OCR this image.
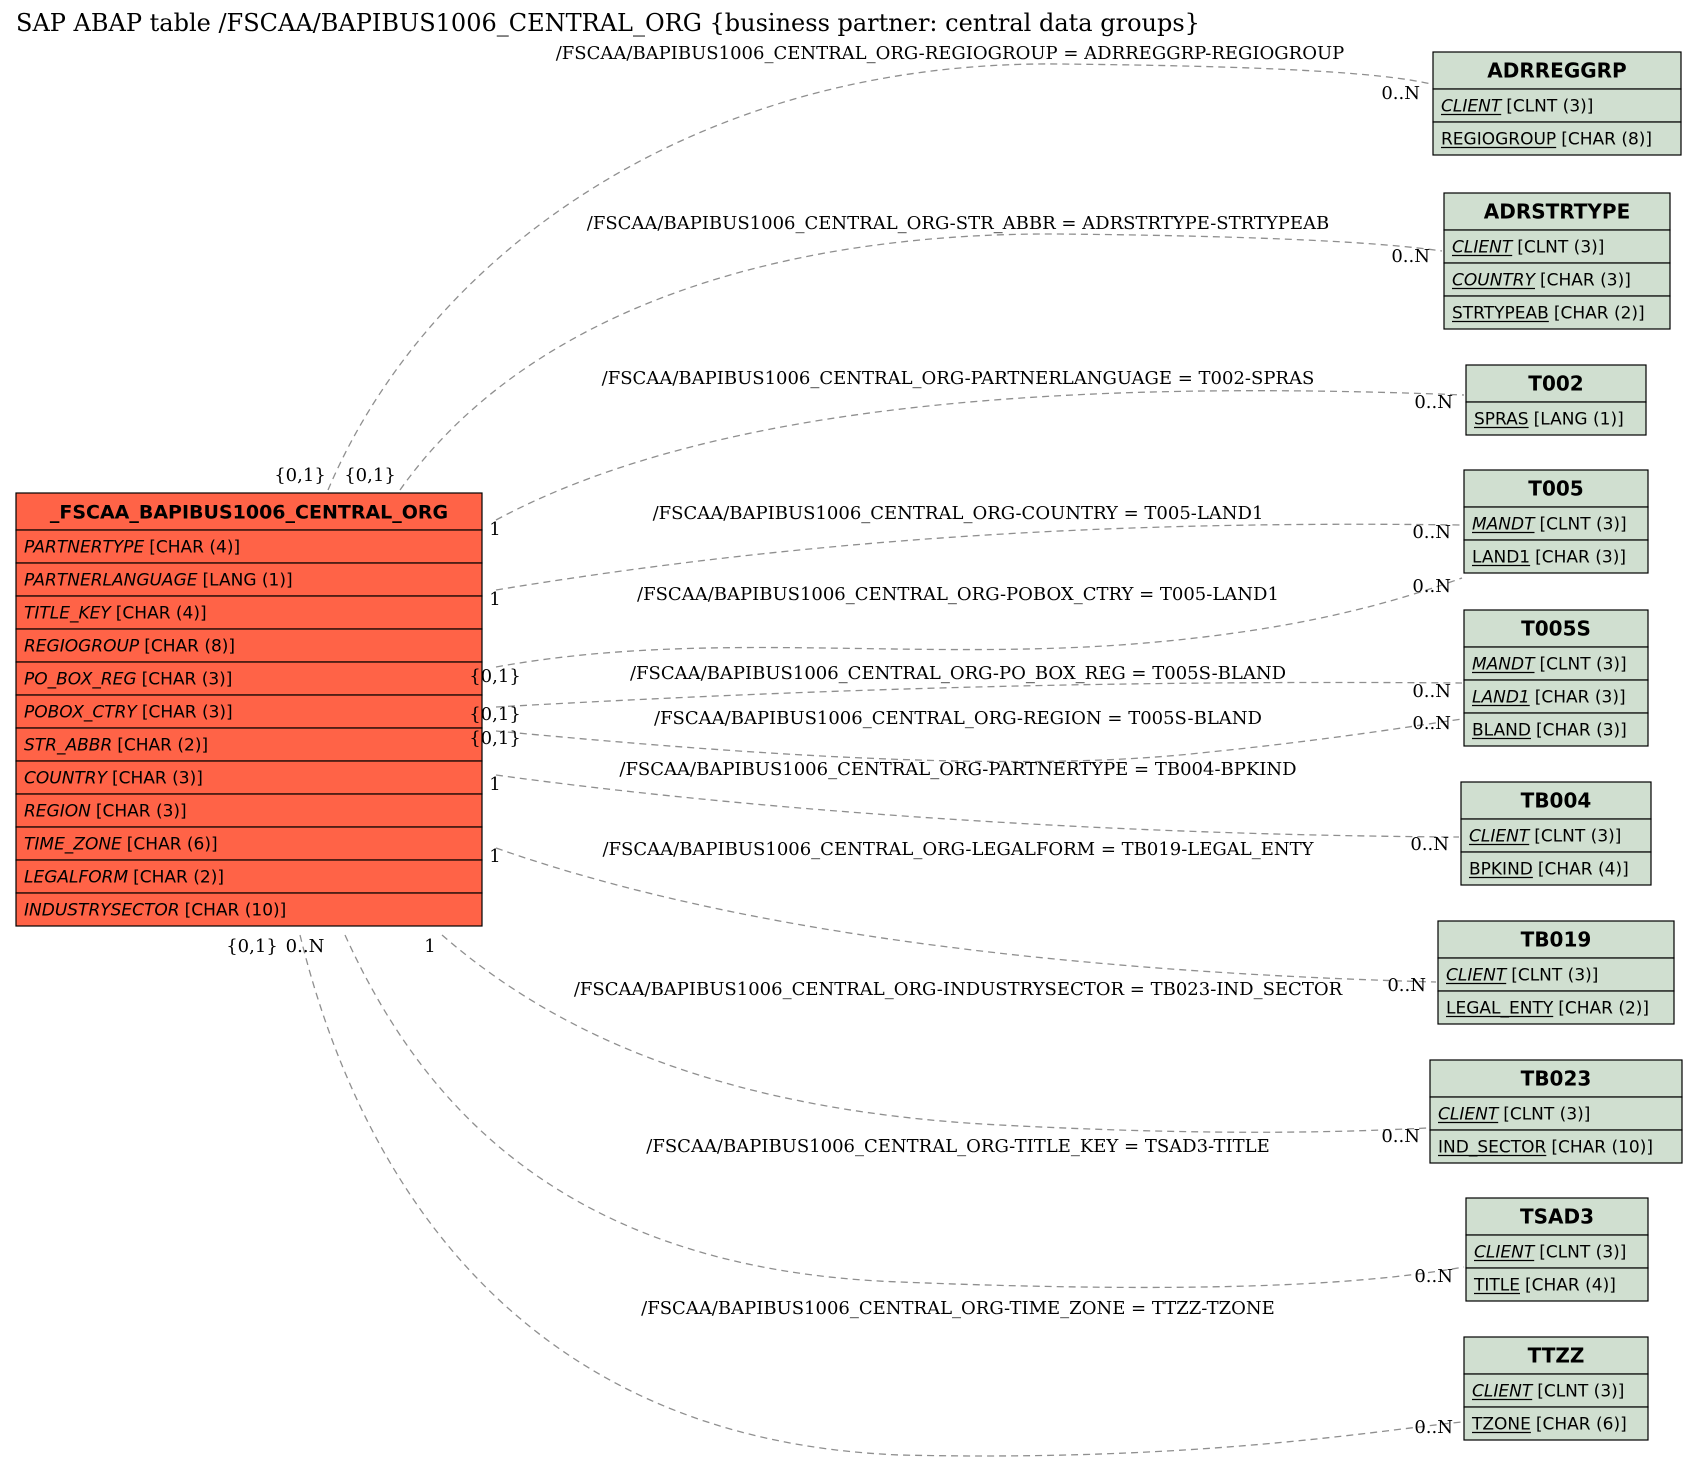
SAP ABAP table /FSCAA/BAPIBUS1006_CENTRAL_ORG {business partner: central data groups}
_FSCAA_BAPIBUS1006_CENTRAL_ORG
PARTNERTYPE [CHAR (4)]
PARTNERLANGUAGE [LANG (1)]
TITLE_KEY [CHAR (4)]
REGIOGROUP [CHAR (8)]
PO_BOX_REG [CHAR (3)]
POBOX_CTRY [CHAR (3)]
STR_ABBR [CHAR (2)]
COUNTRY [CHAR (3)]
REGION [CHAR (3)]
TIME_ZONE [CHAR (6)]
LEGALFORM [CHAR (2)]
INDUSTRYSECTOR [CHAR (10)]
ADRREGGRP
CLIENT [CLNT (3)]
REGIOGROUP [CHAR (8)]
ADRSTRTYPE
CLIENT [CLNT (3)]
COUNTRY [CHAR (3)]
STRTYPEAB [CHAR (2)]
T002
SPRAS [LANG (1)]
T005
MANDT [CLNT (3)]
LAND1 [CHAR (3)]
T005S
MANDT [CLNT (3)]
LAND1 [CHAR (3)]
BLAND [CHAR (3)]
TB004
CLIENT [CLNT (3)]
BPKIND [CHAR (4)]
TB019
CLIENT [CLNT (3)]
LEGAL_ENTY [CHAR (2)]
TB023
CLIENT [CLNT (3)]
IND_SECTOR [CHAR (10)]
TSAD3
CLIENT [CLNT (3)]
TITLE [CHAR (4)]
TTZZ
CLIENT [CLNT (3)]
TZONE [CHAR (6)]
/FSCAA/BAPIBUS1006_CENTRAL_ORG-REGIOGROUP = ADRREGGRP-REGIOGROUP
{0,1}
0..N
/FSCAA/BAPIBUS1006_CENTRAL_ORG-STR_ABBR = ADRSTRTYPE-STRTYPEAB
{0,1}
0..N
/FSCAA/BAPIBUS1006_CENTRAL_ORG-PARTNERLANGUAGE = T002-SPRAS
1
0..N
/FSCAA/BAPIBUS1006_CENTRAL_ORG-COUNTRY = T005-LAND1
1
0..N
/FSCAA/BAPIBUS1006_CENTRAL_ORG-POBOX_CTRY = T005-LAND1
{0,1}
0..N
/FSCAA/BAPIBUS1006_CENTRAL_ORG-PO_BOX_REG = T005S-BLAND
{0,1}
0..N
/FSCAA/BAPIBUS1006_CENTRAL_ORG-REGION = T005S-BLAND
{0,1}
0..N
/FSCAA/BAPIBUS1006_CENTRAL_ORG-PARTNERTYPE = TB004-BPKIND
1
0..N
/FSCAA/BAPIBUS1006_CENTRAL_ORG-LEGALFORM = TB019-LEGAL_ENTY
1
0..N
/FSCAA/BAPIBUS1006_CENTRAL_ORG-INDUSTRYSECTOR = TB023-IND_SECTOR
1
0..N
/FSCAA/BAPIBUS1006_CENTRAL_ORG-TITLE_KEY = TSAD3-TITLE
0..N
0..N
/FSCAA/BAPIBUS1006_CENTRAL_ORG-TIME_ZONE = TTZZ-TZONE
{0,1}
0..N
